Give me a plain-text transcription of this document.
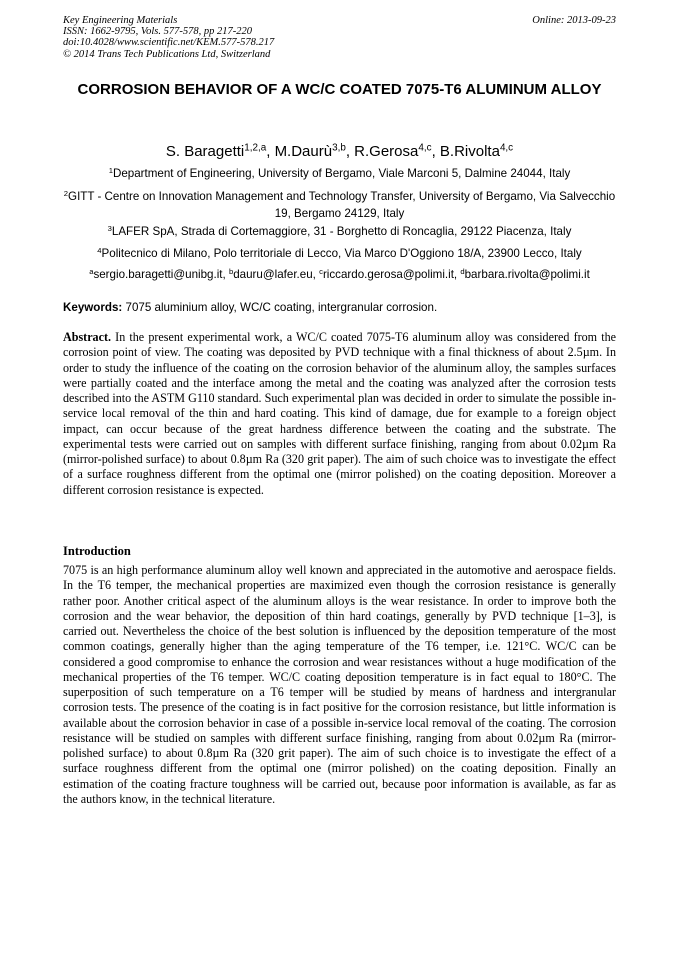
Key Engineering Materials
ISSN: 1662-9795, Vols. 577-578, pp 217-220
doi:10.4028/www.scientific.net/KEM.577-578.217
© 2014 Trans Tech Publications Ltd, Switzerland
Online: 2013-09-23
CORROSION BEHAVIOR OF A WC/C COATED 7075-T6 ALUMINUM ALLOY
S. Baragetti$^{1,2,a}$, M.Daurù$^{3,b}$, R.Gerosa$^{4,c}$, B.Rivolta$^{4,c}$
$^1$Department of Engineering, University of Bergamo, Viale Marconi 5, Dalmine 24044, Italy
$^2$GITT - Centre on Innovation Management and Technology Transfer, University of Bergamo, Via Salvecchio 19, Bergamo 24129, Italy
$^3$LAFER SpA, Strada di Cortemaggiore, 31 - Borghetto di Roncaglia, 29122 Piacenza, Italy
$^4$Politecnico di Milano, Polo territoriale di Lecco, Via Marco D'Oggiono 18/A, 23900 Lecco, Italy
$^a$sergio.baragetti@unibg.it, $^b$dauru@lafer.eu, $^c$riccardo.gerosa@polimi.it, $^d$barbara.rivolta@polimi.it
Keywords: 7075 aluminium alloy, WC/C coating, intergranular corrosion.
Abstract. In the present experimental work, a WC/C coated 7075-T6 aluminum alloy was considered from the corrosion point of view. The coating was deposited by PVD technique with a final thickness of about 2.5µm. In order to study the influence of the coating on the corrosion behavior of the aluminum alloy, the samples surfaces were partially coated and the interface among the metal and the coating was analyzed after the corrosion tests described into the ASTM G110 standard. Such experimental plan was decided in order to simulate the possible in-service local removal of the thin and hard coating. This kind of damage, due for example to a foreign object impact, can occur because of the great hardness difference between the coating and the substrate. The experimental tests were carried out on samples with different surface finishing, ranging from about 0.02µm Ra (mirror-polished surface) to about 0.8µm Ra (320 grit paper). The aim of such choice was to investigate the effect of a surface roughness different from the optimal one (mirror polished) on the coating deposition. Moreover a different corrosion resistance is expected.
Introduction

7075 is an high performance aluminum alloy well known and appreciated in the automotive and aerospace fields. In the T6 temper, the mechanical properties are maximized even though the corrosion resistance is generally rather poor. Another critical aspect of the aluminum alloys is the wear resistance. In order to improve both the corrosion and the wear behavior, the deposition of thin hard coatings, generally by PVD technique [1–3], is carried out. Nevertheless the choice of the best solution is influenced by the deposition temperature of the most common coatings, generally higher than the aging temperature of the T6 temper, i.e. 121°C. WC/C can be considered a good compromise to enhance the corrosion and wear resistances without a huge modification of the mechanical properties of the T6 temper. WC/C coating deposition temperature is in fact equal to 180°C. The superposition of such temperature on a T6 temper will be studied by means of hardness and intergranular corrosion tests. The presence of the coating is in fact positive for the corrosion resistance, but little information is available about the corrosion behavior in case of a possible in-service local removal of the coating. The corrosion resistance will be studied on samples with different surface finishing, ranging from about 0.02µm Ra (mirror-polished surface) to about 0.8µm Ra (320 grit paper). The aim of such choice is to investigate the effect of a surface roughness different from the optimal one (mirror polished) on the coating deposition. Finally an estimation of the coating fracture toughness will be carried out, because poor information is available, as far as the authors know, in the technical literature.
